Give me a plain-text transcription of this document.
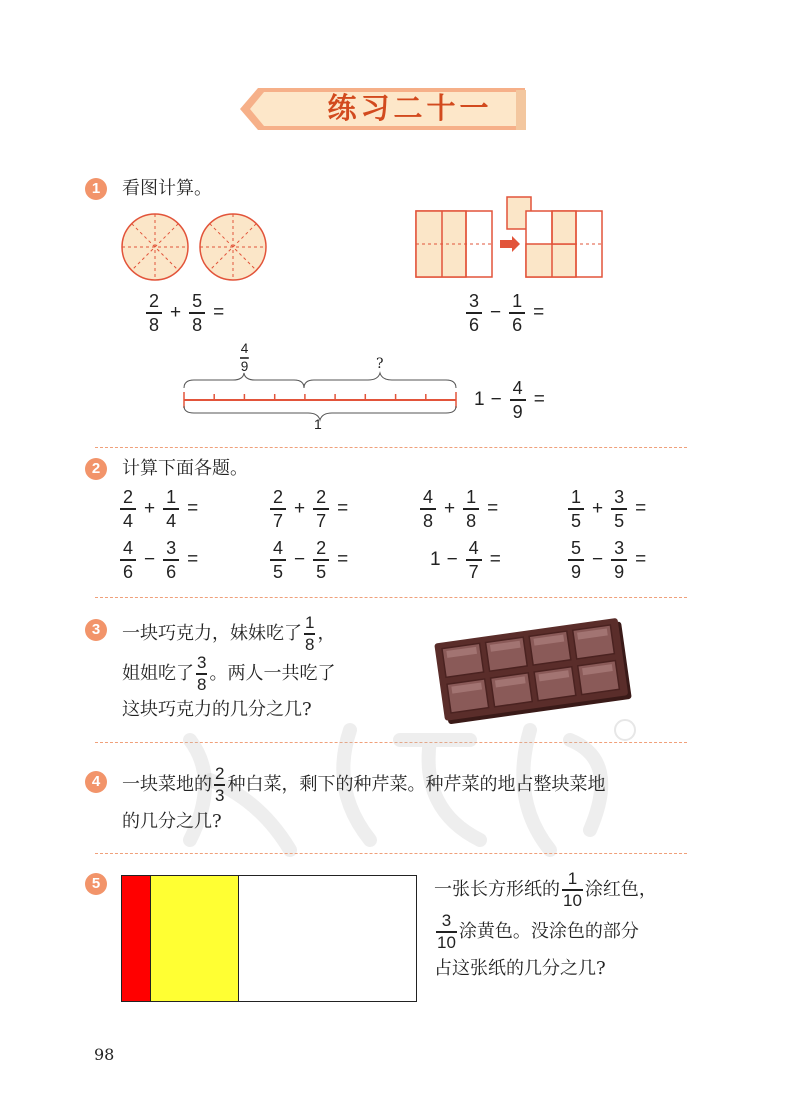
练习二十一
1	看图计算。
$\frac{2}{8} + \frac{5}{8}$ =	$\frac{3}{6} - \frac{1}{6}$ =
4
9	?
1
$1 - \frac{4}{9}$ =
2	计算下面各题。
$\frac{2}{4} + \frac{1}{4}$ =	$\frac{2}{7} + \frac{2}{7}$ =	$\frac{4}{8} + \frac{1}{8}$ =	$\frac{1}{5} + \frac{3}{5}$ =
$\frac{4}{6} - \frac{3}{6}$ =	$\frac{4}{5} - \frac{2}{5}$ =	$1 - \frac{4}{7}$ =	$\frac{5}{9} - \frac{3}{9}$ =
3	一块巧克力，妹妹吃了 $\frac{1}{8}$ ，
姐姐吃了 $\frac{3}{8}$ 。两人一共吃了
这块巧克力的几分之几?
4	一块菜地的 $\frac{2}{3}$ 种白菜，剩下的种芹菜。种芹菜的地占整块菜地
的几分之几?
5	一张长方形纸的 $\frac{1}{10}$ 涂红色，
$\frac{3}{10}$ 涂黄色。没涂色的部分
占这张纸的几分之几?
98
